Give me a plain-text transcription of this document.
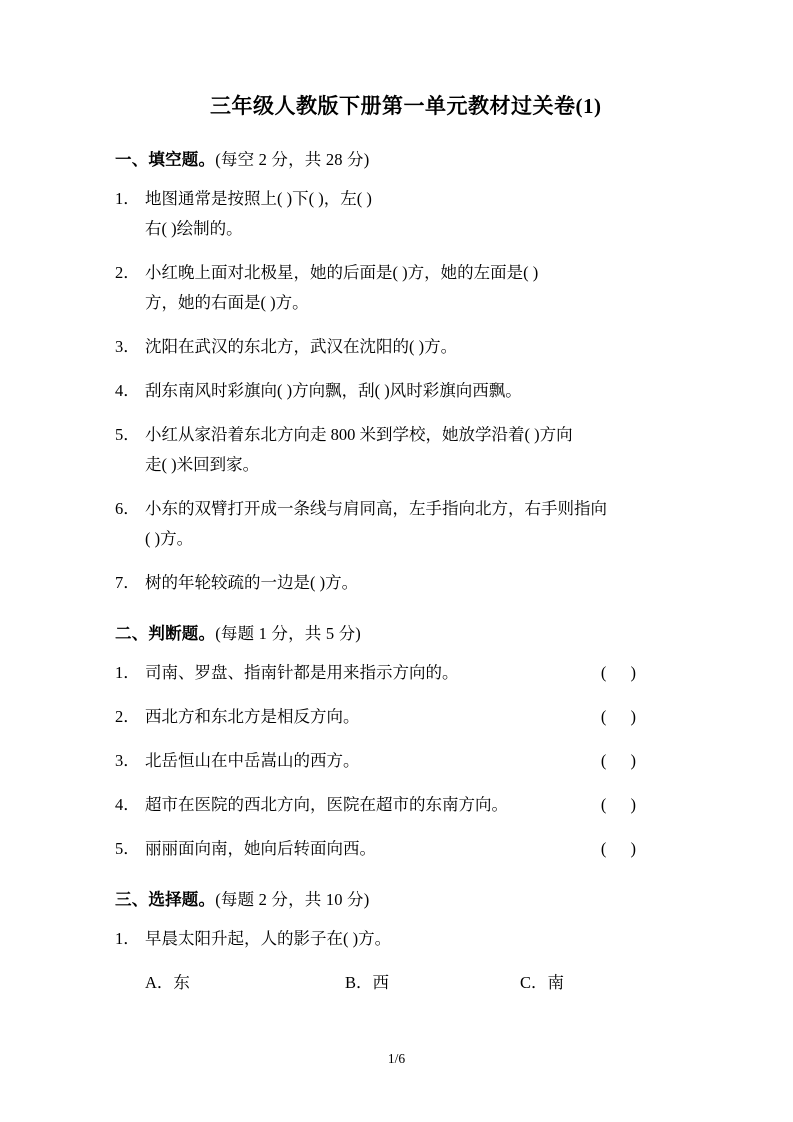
三年级人教版下册第一单元教材过关卷(1)
一、填空题。(每空 2 分，共 28 分)
1． 地图通常是按照上( )下( )，左( )
右( )绘制的。
2． 小红晚上面对北极星，她的后面是( )方，她的左面是( )
方，她的右面是( )方。
3． 沈阳在武汉的东北方，武汉在沈阳的( )方。
4． 刮东南风时彩旗向( )方向飘，刮( )风时彩旗向西飘。
5． 小红从家沿着东北方向走 800 米到学校，她放学沿着( )方向
走( )米回到家。
6． 小东的双臂打开成一条线与肩同高，左手指向北方，右手则指向
( )方。
7． 树的年轮较疏的一边是( )方。
二、判断题。(每题 1 分，共 5 分)
1． 司南、罗盘、指南针都是用来指示方向的。	( )
2． 西北方和东北方是相反方向。	( )
3． 北岳恒山在中岳嵩山的西方。	( )
4． 超市在医院的西北方向，医院在超市的东南方向。	( )
5． 丽丽面向南，她向后转面向西。	( )
三、选择题。(每题 2 分，共 10 分)
1． 早晨太阳升起，人的影子在( )方。
A．东	B．西	C．南
1/6
